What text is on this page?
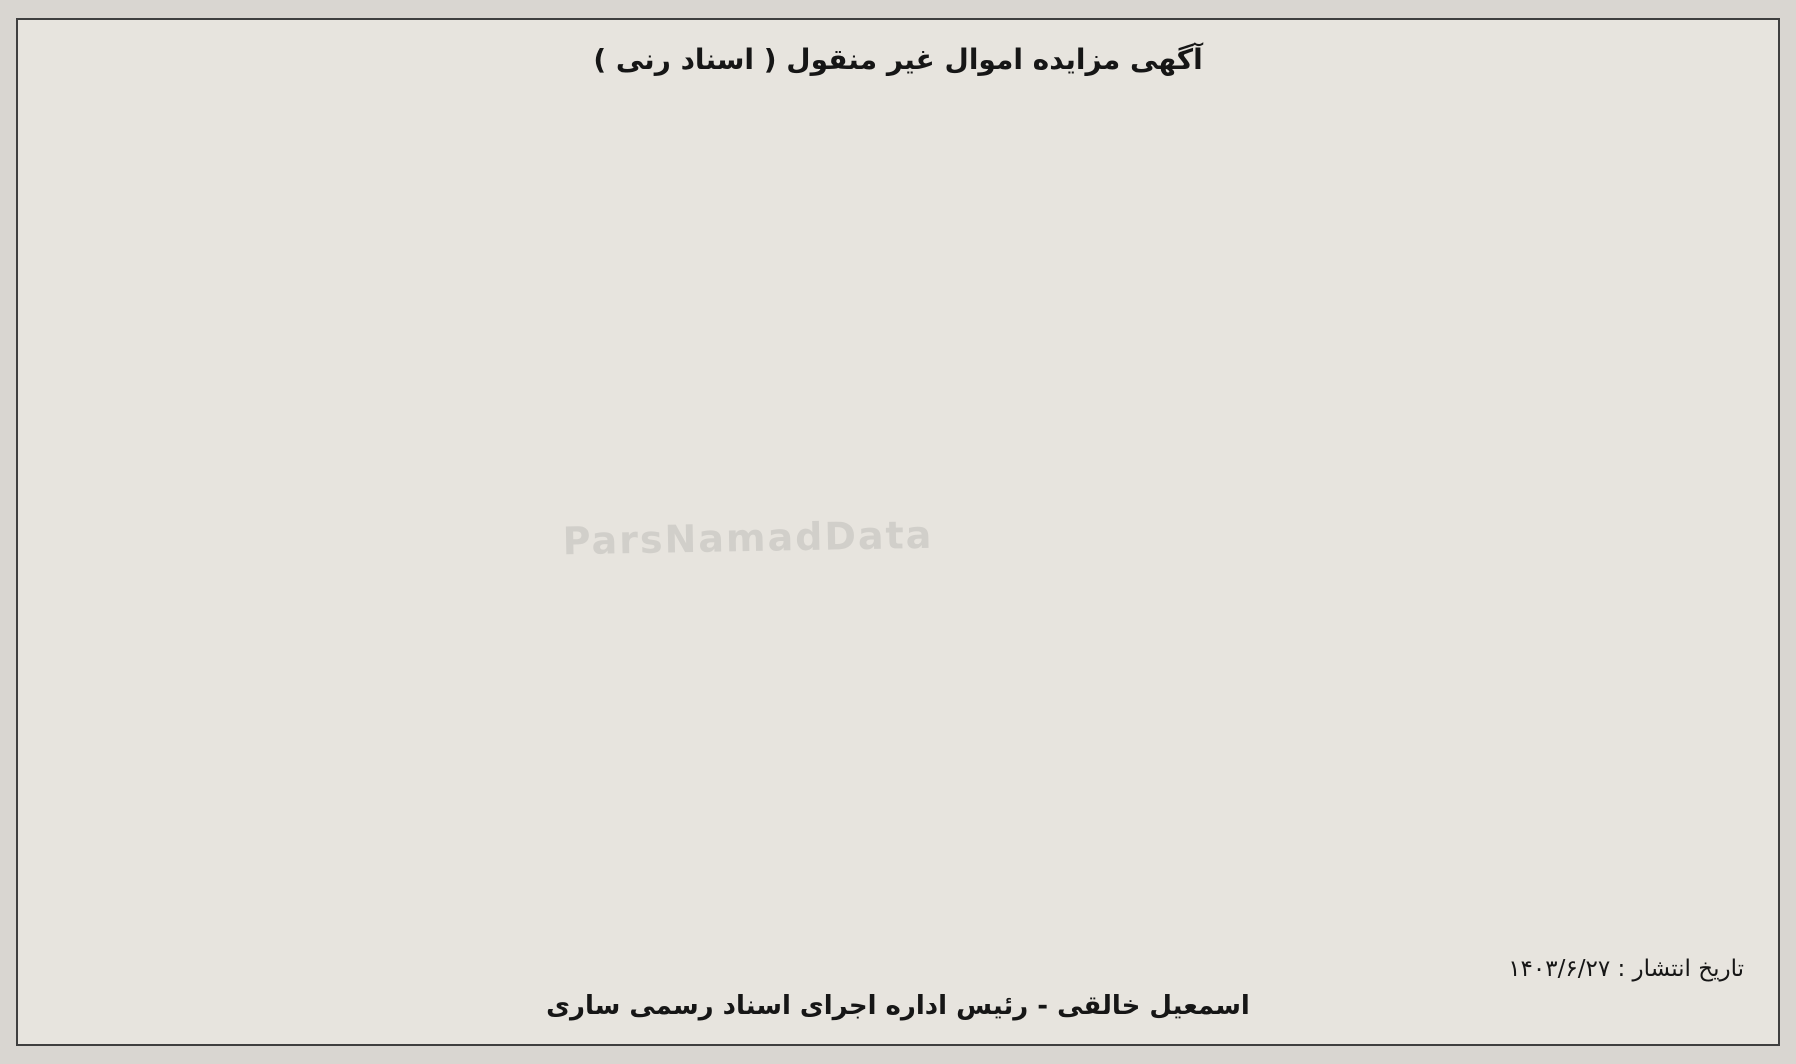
آگهی مزایده اموال غیر منقول ( اسناد رنی )
تاریخ انتشار : ۱۴۰۳/۶/۲۷
اسمعیل خالقی - رئیس اداره اجرای اسناد رسمی ساری
ParsNamadData
